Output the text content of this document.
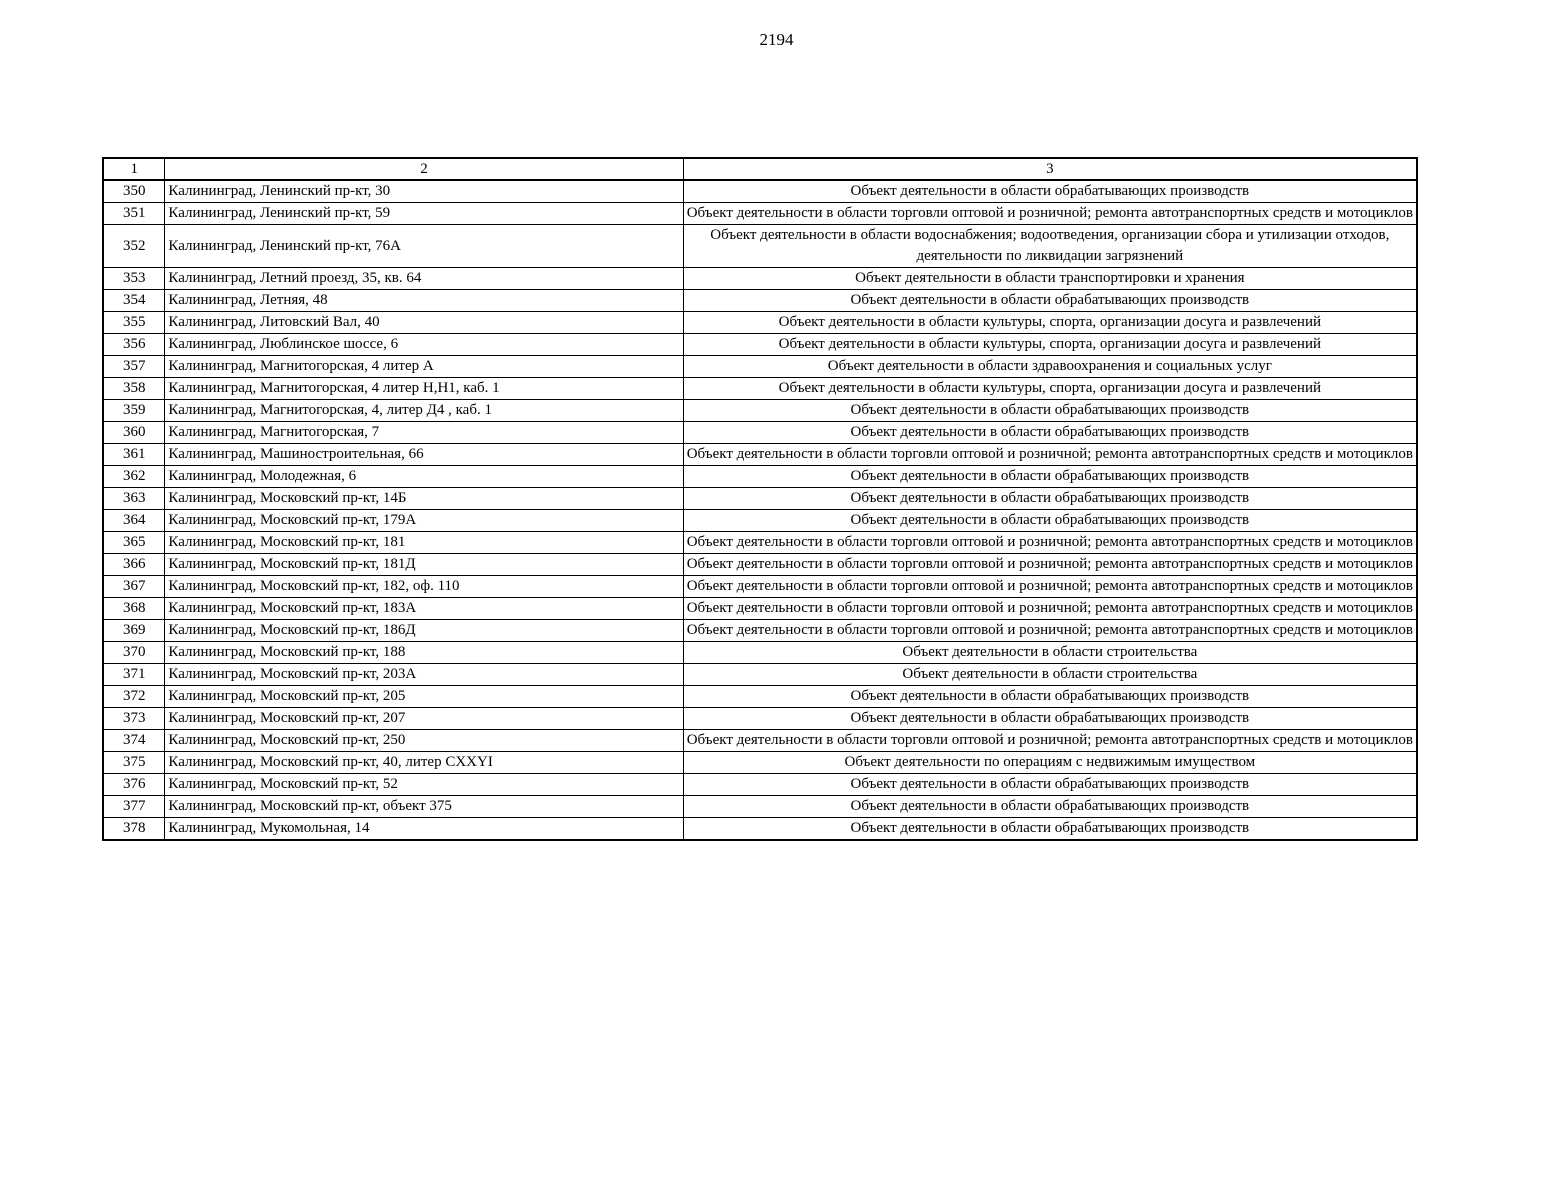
2194
1	2	3
350	Калининград, Ленинский пр-кт, 30	Объект деятельности в области обрабатывающих производств
351	Калининград, Ленинский пр-кт, 59	Объект деятельности в области торговли оптовой и розничной; ремонта автотранспортных средств и мотоциклов
352	Калининград, Ленинский пр-кт, 76А	Объект деятельности в области водоснабжения; водоотведения, организации сбора и утилизации отходов, деятельности по ликвидации загрязнений
353	Калининград, Летний проезд, 35, кв. 64	Объект деятельности в области транспортировки и хранения
354	Калининград, Летняя, 48	Объект деятельности в области обрабатывающих производств
355	Калининград, Литовский Вал, 40	Объект деятельности в области культуры, спорта, организации досуга и развлечений
356	Калининград, Люблинское шоссе, 6	Объект деятельности в области культуры, спорта, организации досуга и развлечений
357	Калининград, Магнитогорская, 4 литер А	Объект деятельности в области здравоохранения и социальных услуг
358	Калининград, Магнитогорская, 4 литер Н,Н1, каб. 1	Объект деятельности в области культуры, спорта, организации досуга и развлечений
359	Калининград, Магнитогорская, 4, литер Д4 , каб. 1	Объект деятельности в области обрабатывающих производств
360	Калининград, Магнитогорская, 7	Объект деятельности в области обрабатывающих производств
361	Калининград, Машиностроительная, 66	Объект деятельности в области торговли оптовой и розничной; ремонта автотранспортных средств и мотоциклов
362	Калининград, Молодежная, 6	Объект деятельности в области обрабатывающих производств
363	Калининград, Московский пр-кт, 14Б	Объект деятельности в области обрабатывающих производств
364	Калининград, Московский пр-кт, 179А	Объект деятельности в области обрабатывающих производств
365	Калининград, Московский пр-кт, 181	Объект деятельности в области торговли оптовой и розничной; ремонта автотранспортных средств и мотоциклов
366	Калининград, Московский пр-кт, 181Д	Объект деятельности в области торговли оптовой и розничной; ремонта автотранспортных средств и мотоциклов
367	Калининград, Московский пр-кт, 182, оф. 110	Объект деятельности в области торговли оптовой и розничной; ремонта автотранспортных средств и мотоциклов
368	Калининград, Московский пр-кт, 183А	Объект деятельности в области торговли оптовой и розничной; ремонта автотранспортных средств и мотоциклов
369	Калининград, Московский пр-кт, 186Д	Объект деятельности в области торговли оптовой и розничной; ремонта автотранспортных средств и мотоциклов
370	Калининград, Московский пр-кт, 188	Объект деятельности в области строительства
371	Калининград, Московский пр-кт, 203А	Объект деятельности в области строительства
372	Калининград, Московский пр-кт, 205	Объект деятельности в области обрабатывающих производств
373	Калининград, Московский пр-кт, 207	Объект деятельности в области обрабатывающих производств
374	Калининград, Московский пр-кт, 250	Объект деятельности в области торговли оптовой и розничной; ремонта автотранспортных средств и мотоциклов
375	Калининград, Московский пр-кт, 40, литер CXXYI	Объект деятельности по операциям с недвижимым имуществом
376	Калининград, Московский пр-кт, 52	Объект деятельности в области обрабатывающих производств
377	Калининград, Московский пр-кт, объект 375	Объект деятельности в области обрабатывающих производств
378	Калининград, Мукомольная, 14	Объект деятельности в области обрабатывающих производств
